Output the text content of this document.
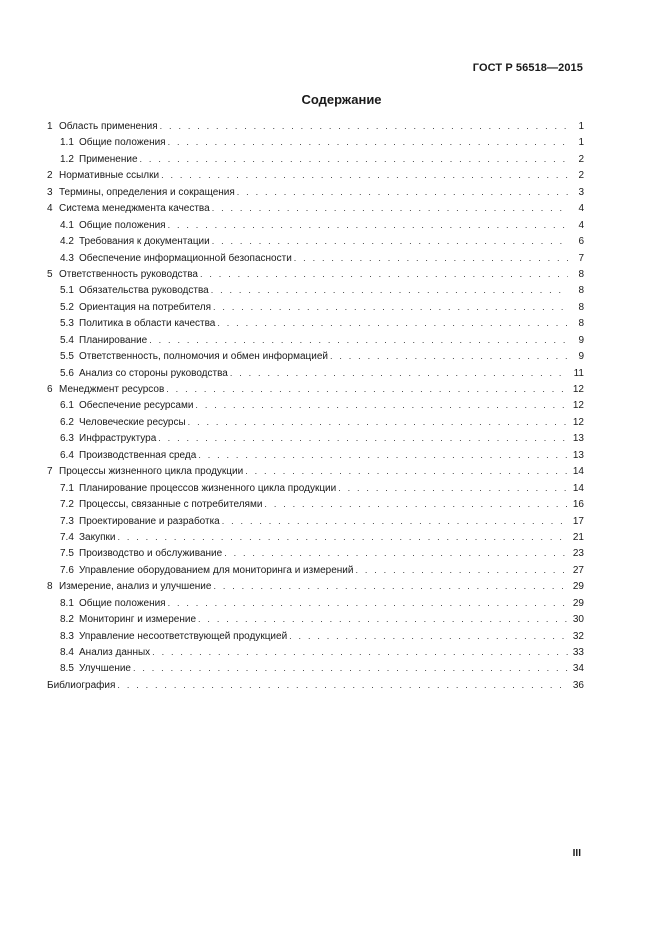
ГОСТ Р 56518—2015
Содержание
1 Область применения . . .	1
1.1 Общие положения . . .	1
1.2 Применение . . .	2
2 Нормативные ссылки . . .	2
3 Термины, определения и сокращения . . .	3
4 Система менеджмента качества . . .	4
4.1 Общие положения . . .	4
4.2 Требования к документации . . .	6
4.3 Обеспечение информационной безопасности . . .	7
5 Ответственность руководства . . .	8
5.1 Обязательства руководства . . .	8
5.2 Ориентация на потребителя . . .	8
5.3 Политика в области качества . . .	8
5.4 Планирование . . .	9
5.5 Ответственность, полномочия и обмен информацией . . .	9
5.6 Анализ со стороны руководства . . .	11
6 Менеджмент ресурсов . . .	12
6.1 Обеспечение ресурсами . . .	12
6.2 Человеческие ресурсы . . .	12
6.3 Инфраструктура . . .	13
6.4 Производственная среда . . .	13
7 Процессы жизненного цикла продукции . . .	14
7.1 Планирование процессов жизненного цикла продукции . . .	14
7.2 Процессы, связанные с потребителями . . .	16
7.3 Проектирование и разработка . . .	17
7.4 Закупки . . .	21
7.5 Производство и обслуживание . . .	23
7.6 Управление оборудованием для мониторинга и измерений . . .	27
8 Измерение, анализ и улучшение . . .	29
8.1 Общие положения . . .	29
8.2 Мониторинг и измерение . . .	30
8.3 Управление несоответствующей продукцией . . .	32
8.4 Анализ данных . . .	33
8.5 Улучшение . . .	34
Библиография . . .	36
III
